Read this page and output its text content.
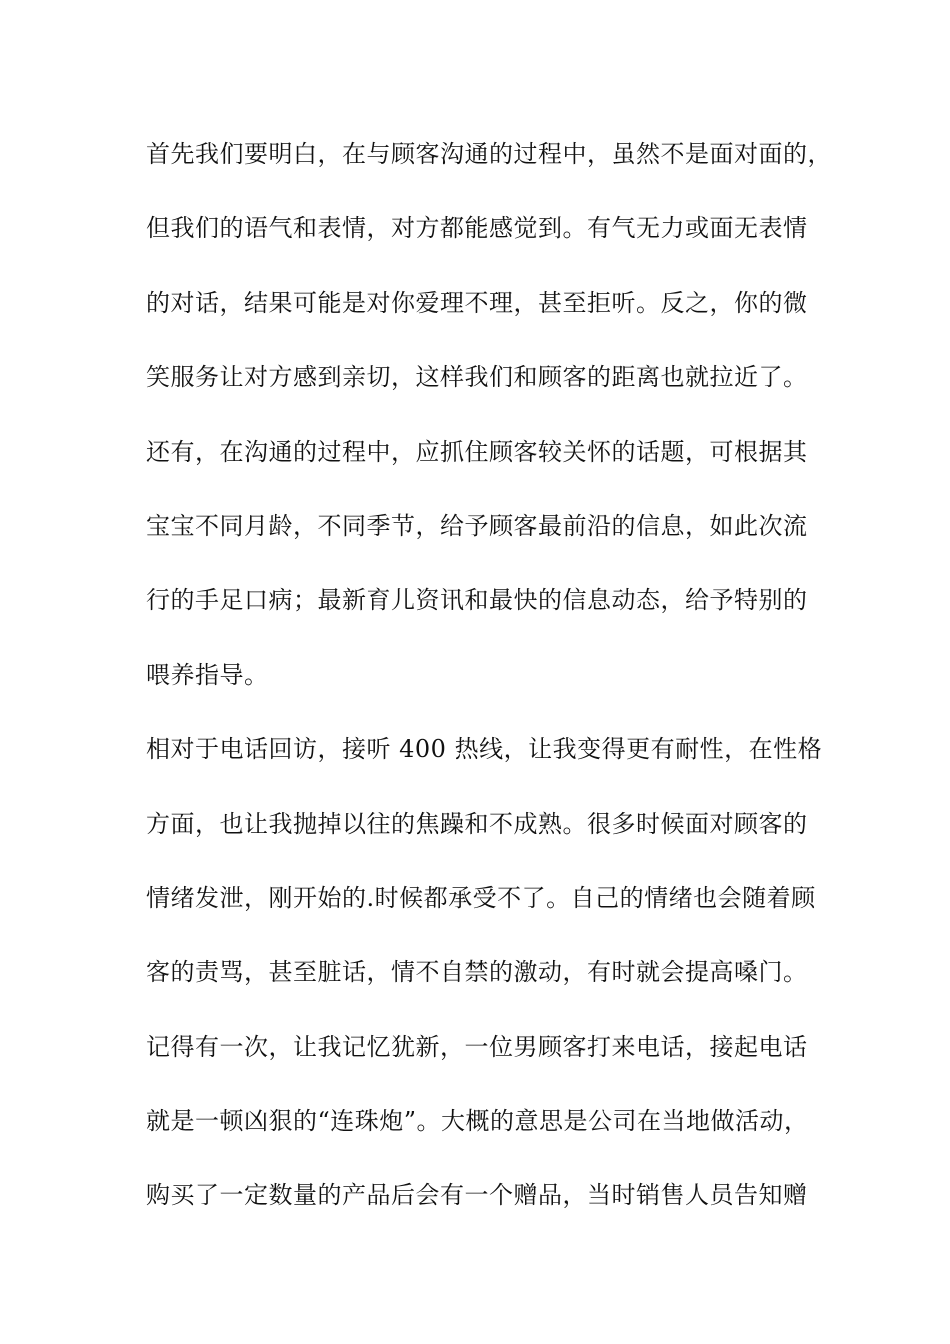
首先我们要明白，在与顾客沟通的过程中，虽然不是面对面的，
但我们的语气和表情，对方都能感觉到。有气无力或面无表情
的对话，结果可能是对你爱理不理，甚至拒听。反之，你的微
笑服务让对方感到亲切，这样我们和顾客的距离也就拉近了。
还有，在沟通的过程中，应抓住顾客较关怀的话题，可根据其
宝宝不同月龄，不同季节，给予顾客最前沿的信息，如此次流
行的手足口病；最新育儿资讯和最快的信息动态，给予特别的
喂养指导。
相对于电话回访，接听 400 热线，让我变得更有耐性，在性格
方面，也让我抛掉以往的焦躁和不成熟。很多时候面对顾客的
情绪发泄，刚开始的.时候都承受不了。自己的情绪也会随着顾
客的责骂，甚至脏话，情不自禁的激动，有时就会提高嗓门。
记得有一次，让我记忆犹新，一位男顾客打来电话，接起电话
就是一顿凶狠的“连珠炮”。大概的意思是公司在当地做活动，
购买了一定数量的产品后会有一个赠品，当时销售人员告知赠
